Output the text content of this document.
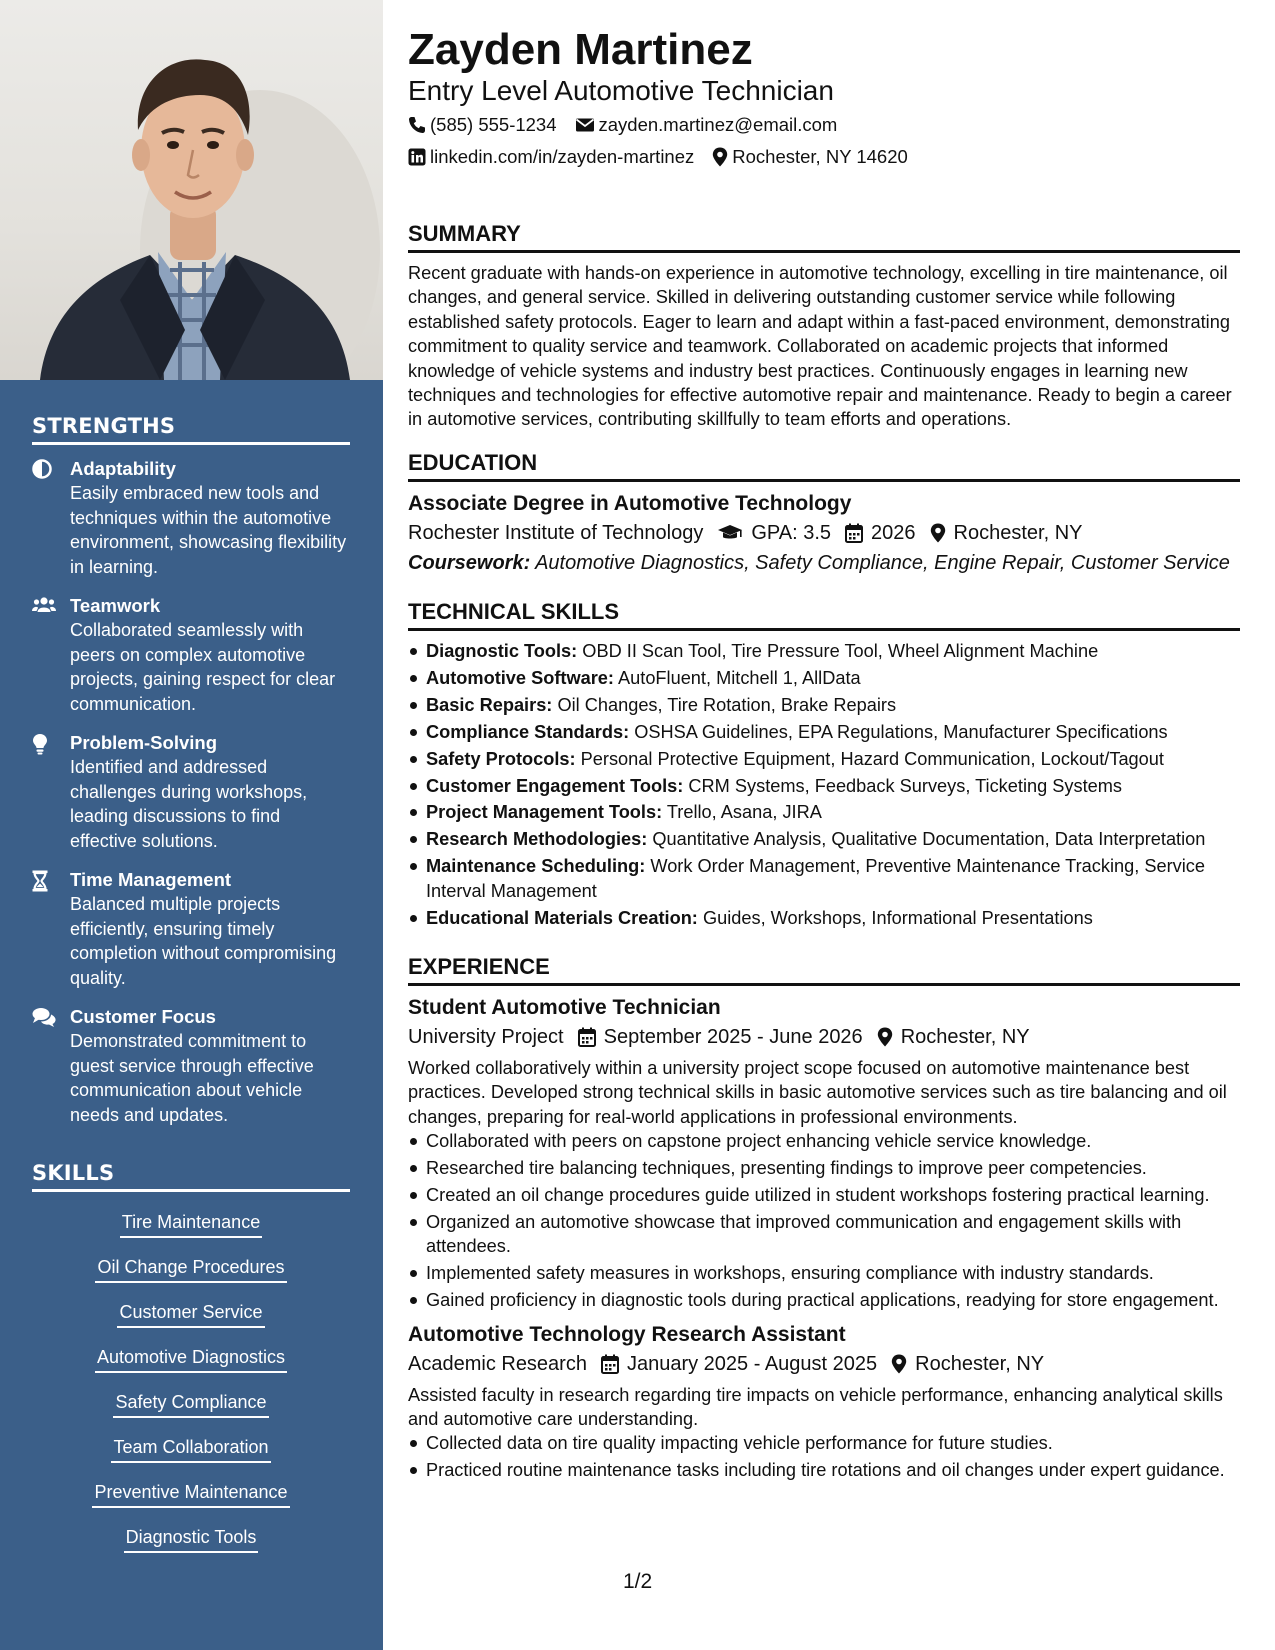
STRENGTHS
Adaptability
Easily embraced new tools and techniques within the automotive environment, showcasing flexibility in learning.
Teamwork
Collaborated seamlessly with peers on complex automotive projects, gaining respect for clear communication.
Problem-Solving
Identified and addressed challenges during workshops, leading discussions to find effective solutions.
Time Management
Balanced multiple projects efficiently, ensuring timely completion without compromising quality.
Customer Focus
Demonstrated commitment to guest service through effective communication about vehicle needs and updates.
SKILLS
Tire Maintenance
Oil Change Procedures
Customer Service
Automotive Diagnostics
Safety Compliance
Team Collaboration
Preventive Maintenance
Diagnostic Tools
Zayden Martinez
Entry Level Automotive Technician
(585) 555-1234 zayden.martinez@email.com
linkedin.com/in/zayden-martinez Rochester, NY 14620
SUMMARY
Recent graduate with hands-on experience in automotive technology, excelling in tire maintenance, oil changes, and general service. Skilled in delivering outstanding customer service while following established safety protocols. Eager to learn and adapt within a fast-paced environment, demonstrating commitment to quality service and teamwork. Collaborated on academic projects that informed knowledge of vehicle systems and industry best practices. Continuously engages in learning new techniques and technologies for effective automotive repair and maintenance. Ready to begin a career in automotive services, contributing skillfully to team efforts and operations.
EDUCATION
Associate Degree in Automotive Technology
Rochester Institute of Technology GPA: 3.5 2026 Rochester, NY
Coursework: Automotive Diagnostics, Safety Compliance, Engine Repair, Customer Service
TECHNICAL SKILLS
Diagnostic Tools: OBD II Scan Tool, Tire Pressure Tool, Wheel Alignment Machine
Automotive Software: AutoFluent, Mitchell 1, AllData
Basic Repairs: Oil Changes, Tire Rotation, Brake Repairs
Compliance Standards: OSHSA Guidelines, EPA Regulations, Manufacturer Specifications
Safety Protocols: Personal Protective Equipment, Hazard Communication, Lockout/Tagout
Customer Engagement Tools: CRM Systems, Feedback Surveys, Ticketing Systems
Project Management Tools: Trello, Asana, JIRA
Research Methodologies: Quantitative Analysis, Qualitative Documentation, Data Interpretation
Maintenance Scheduling: Work Order Management, Preventive Maintenance Tracking, Service Interval Management
Educational Materials Creation: Guides, Workshops, Informational Presentations
EXPERIENCE
Student Automotive Technician
University Project September 2025 - June 2026 Rochester, NY
Worked collaboratively within a university project scope focused on automotive maintenance best practices. Developed strong technical skills in basic automotive services such as tire balancing and oil changes, preparing for real-world applications in professional environments.
Collaborated with peers on capstone project enhancing vehicle service knowledge.
Researched tire balancing techniques, presenting findings to improve peer competencies.
Created an oil change procedures guide utilized in student workshops fostering practical learning.
Organized an automotive showcase that improved communication and engagement skills with attendees.
Implemented safety measures in workshops, ensuring compliance with industry standards.
Gained proficiency in diagnostic tools during practical applications, readying for store engagement.
Automotive Technology Research Assistant
Academic Research January 2025 - August 2025 Rochester, NY
Assisted faculty in research regarding tire impacts on vehicle performance, enhancing analytical skills and automotive care understanding.
Collected data on tire quality impacting vehicle performance for future studies.
Practiced routine maintenance tasks including tire rotations and oil changes under expert guidance.
1/2
